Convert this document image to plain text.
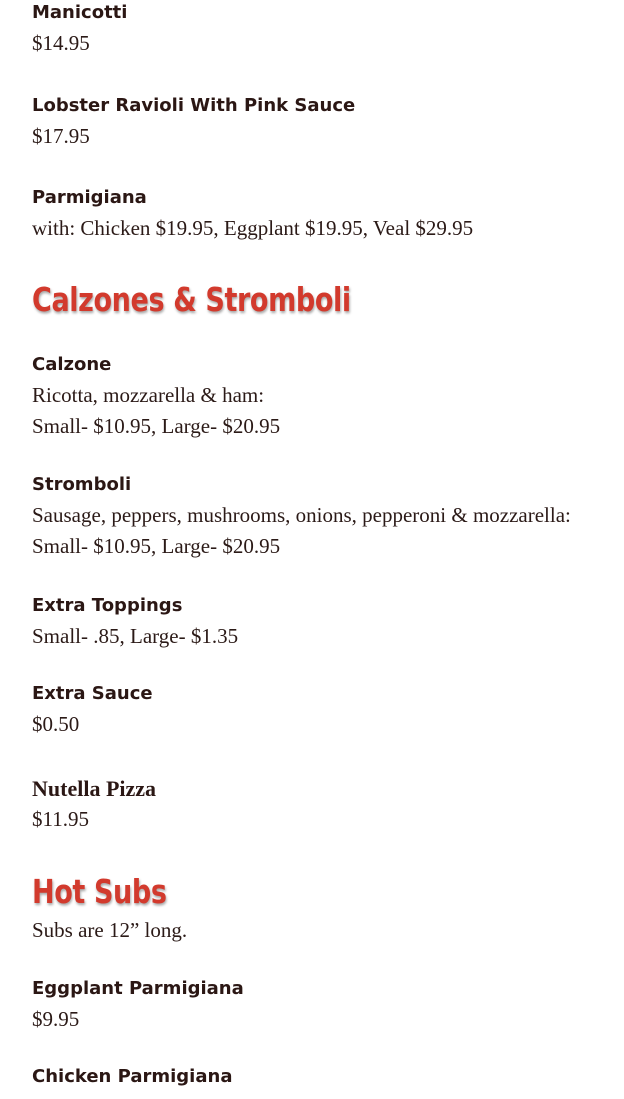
Manicotti
$14.95
Lobster Ravioli With Pink Sauce
$17.95
Parmigiana
with: Chicken $19.95, Eggplant $19.95, Veal $29.95
Calzones & Stromboli
Calzone
Ricotta, mozzarella & ham:
Small- $10.95, Large- $20.95
Stromboli
Sausage, peppers, mushrooms, onions, pepperoni & mozzarella:
Small- $10.95, Large- $20.95
Extra Toppings
Small- .85, Large- $1.35
Extra Sauce
$0.50
Nutella Pizza
$11.95
Hot Subs
Subs are 12” long.
Eggplant Parmigiana
$9.95
Chicken Parmigiana
